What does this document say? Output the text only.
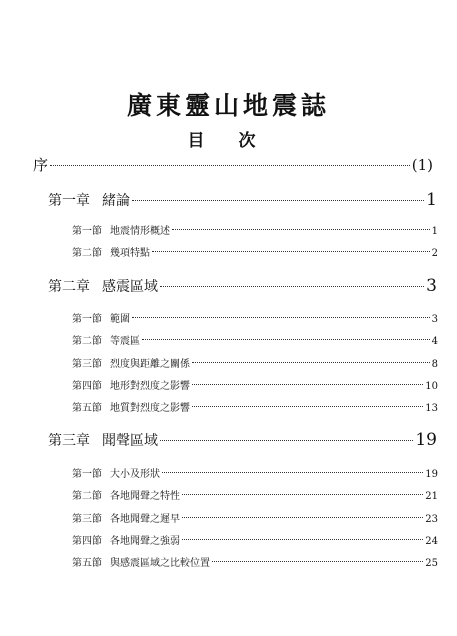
廣東靈山地震誌
目 次
序	(1)
第一章 緒論	1
第一節 地震情形概述	1
第二節 幾項特點	2
第二章 感震區域	3
第一節 範圍	3
第二節 等震區	4
第三節 烈度與距離之關係	8
第四節 地形對烈度之影響	10
第五節 地質對烈度之影響	13
第三章 聞聲區域	19
第一節 大小及形狀	19
第二節 各地聞聲之特性	21
第三節 各地聞聲之遲早	23
第四節 各地聞聲之強弱	24
第五節 與感震區域之比較位置	25
